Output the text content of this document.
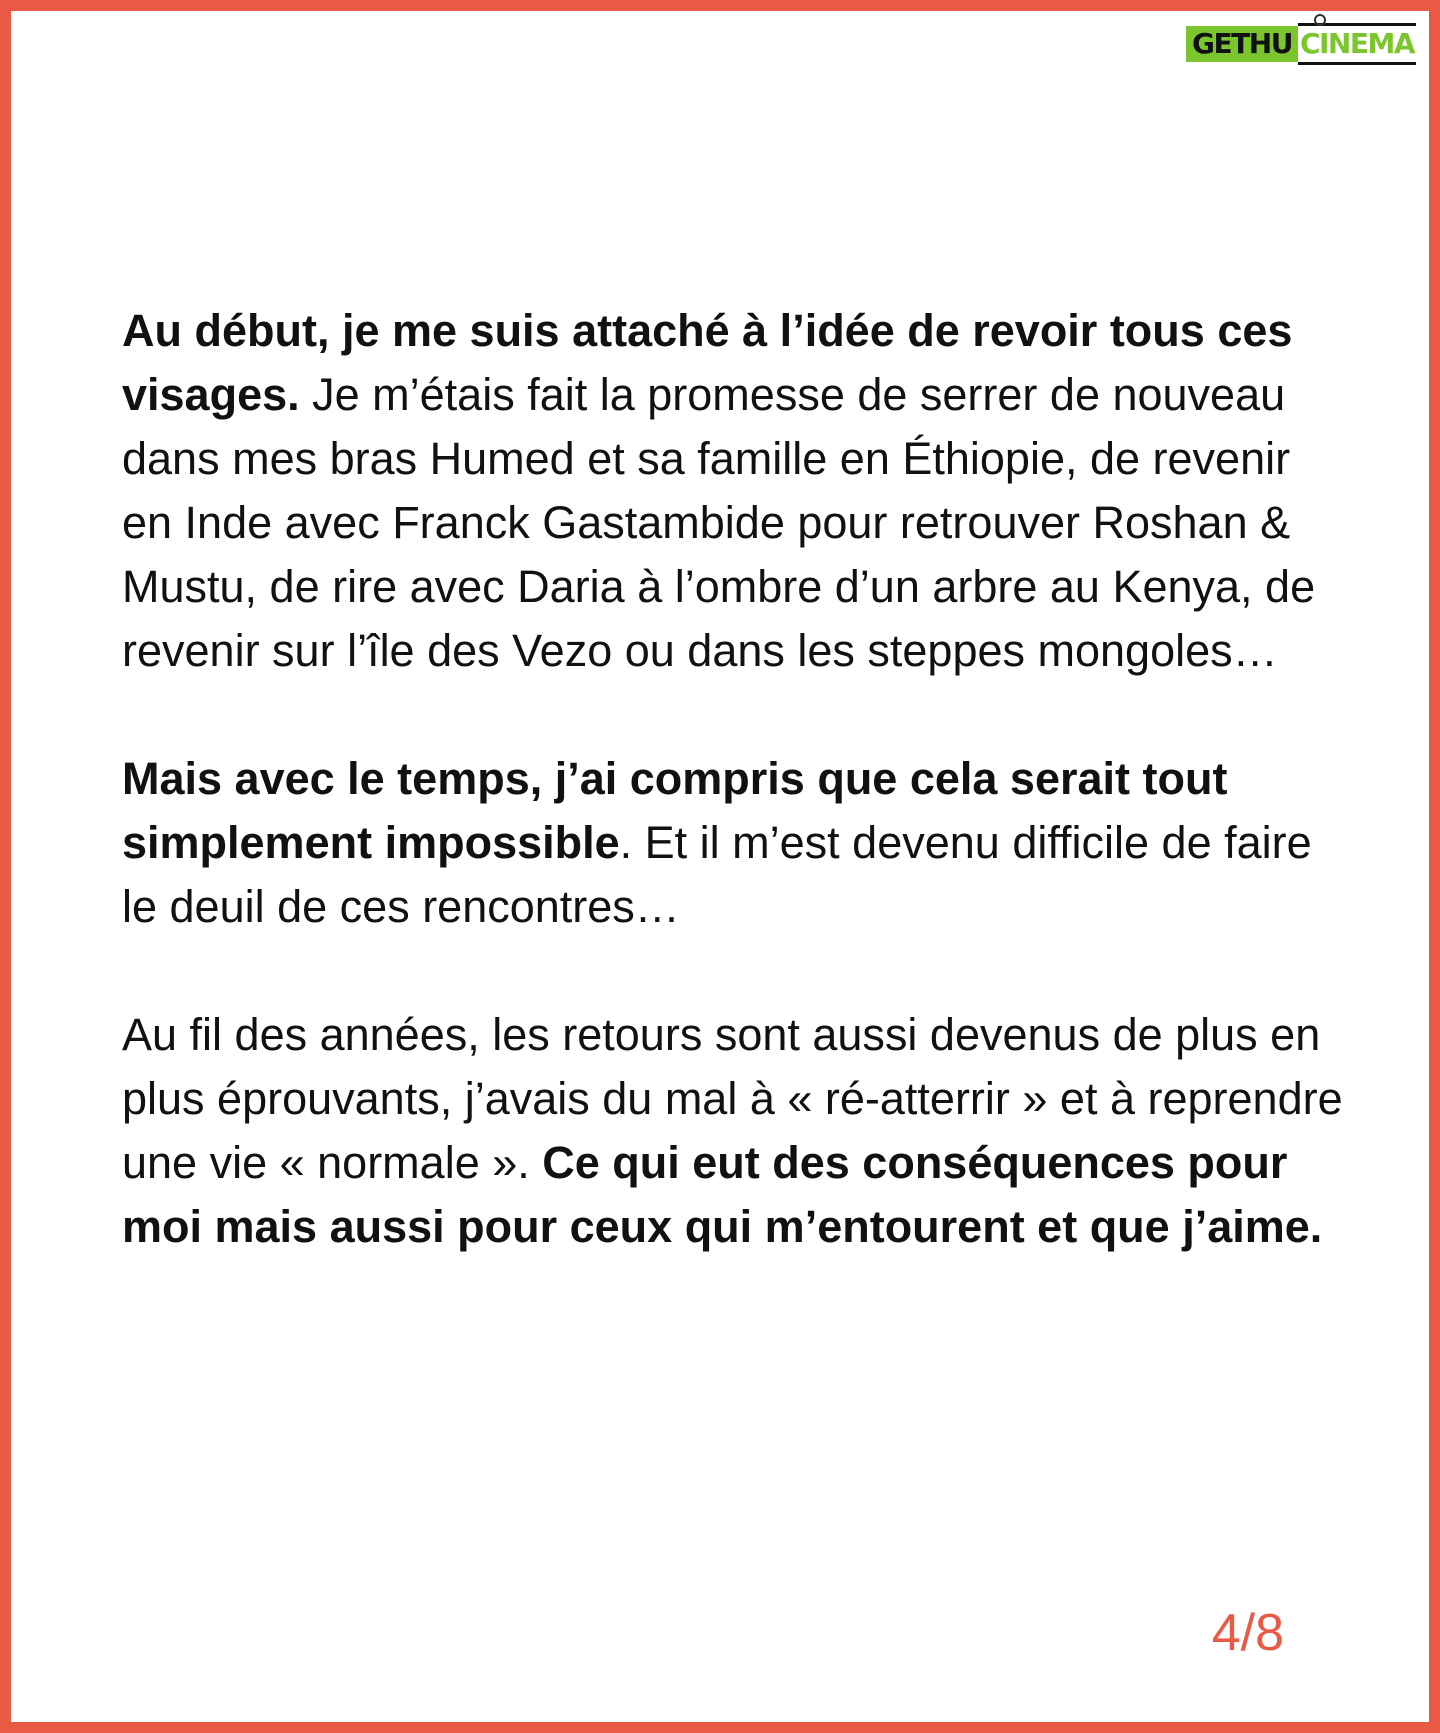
GETHU CINEMA

Au début, je me suis attaché à l’idée de revoir tous ces visages. Je m’étais fait la promesse de serrer de nouveau dans mes bras Humed et sa famille en Éthiopie, de revenir en Inde avec Franck Gastambide pour retrouver Roshan & Mustu, de rire avec Daria à l’ombre d’un arbre au Kenya, de revenir sur l’île des Vezo ou dans les steppes mongoles…

Mais avec le temps, j’ai compris que cela serait tout simplement impossible. Et il m’est devenu difficile de faire le deuil de ces rencontres…

Au fil des années, les retours sont aussi devenus de plus en plus éprouvants, j’avais du mal à « ré-atterrir » et à reprendre une vie « normale ». Ce qui eut des conséquences pour moi mais aussi pour ceux qui m’entourent et que j’aime.

4/8
